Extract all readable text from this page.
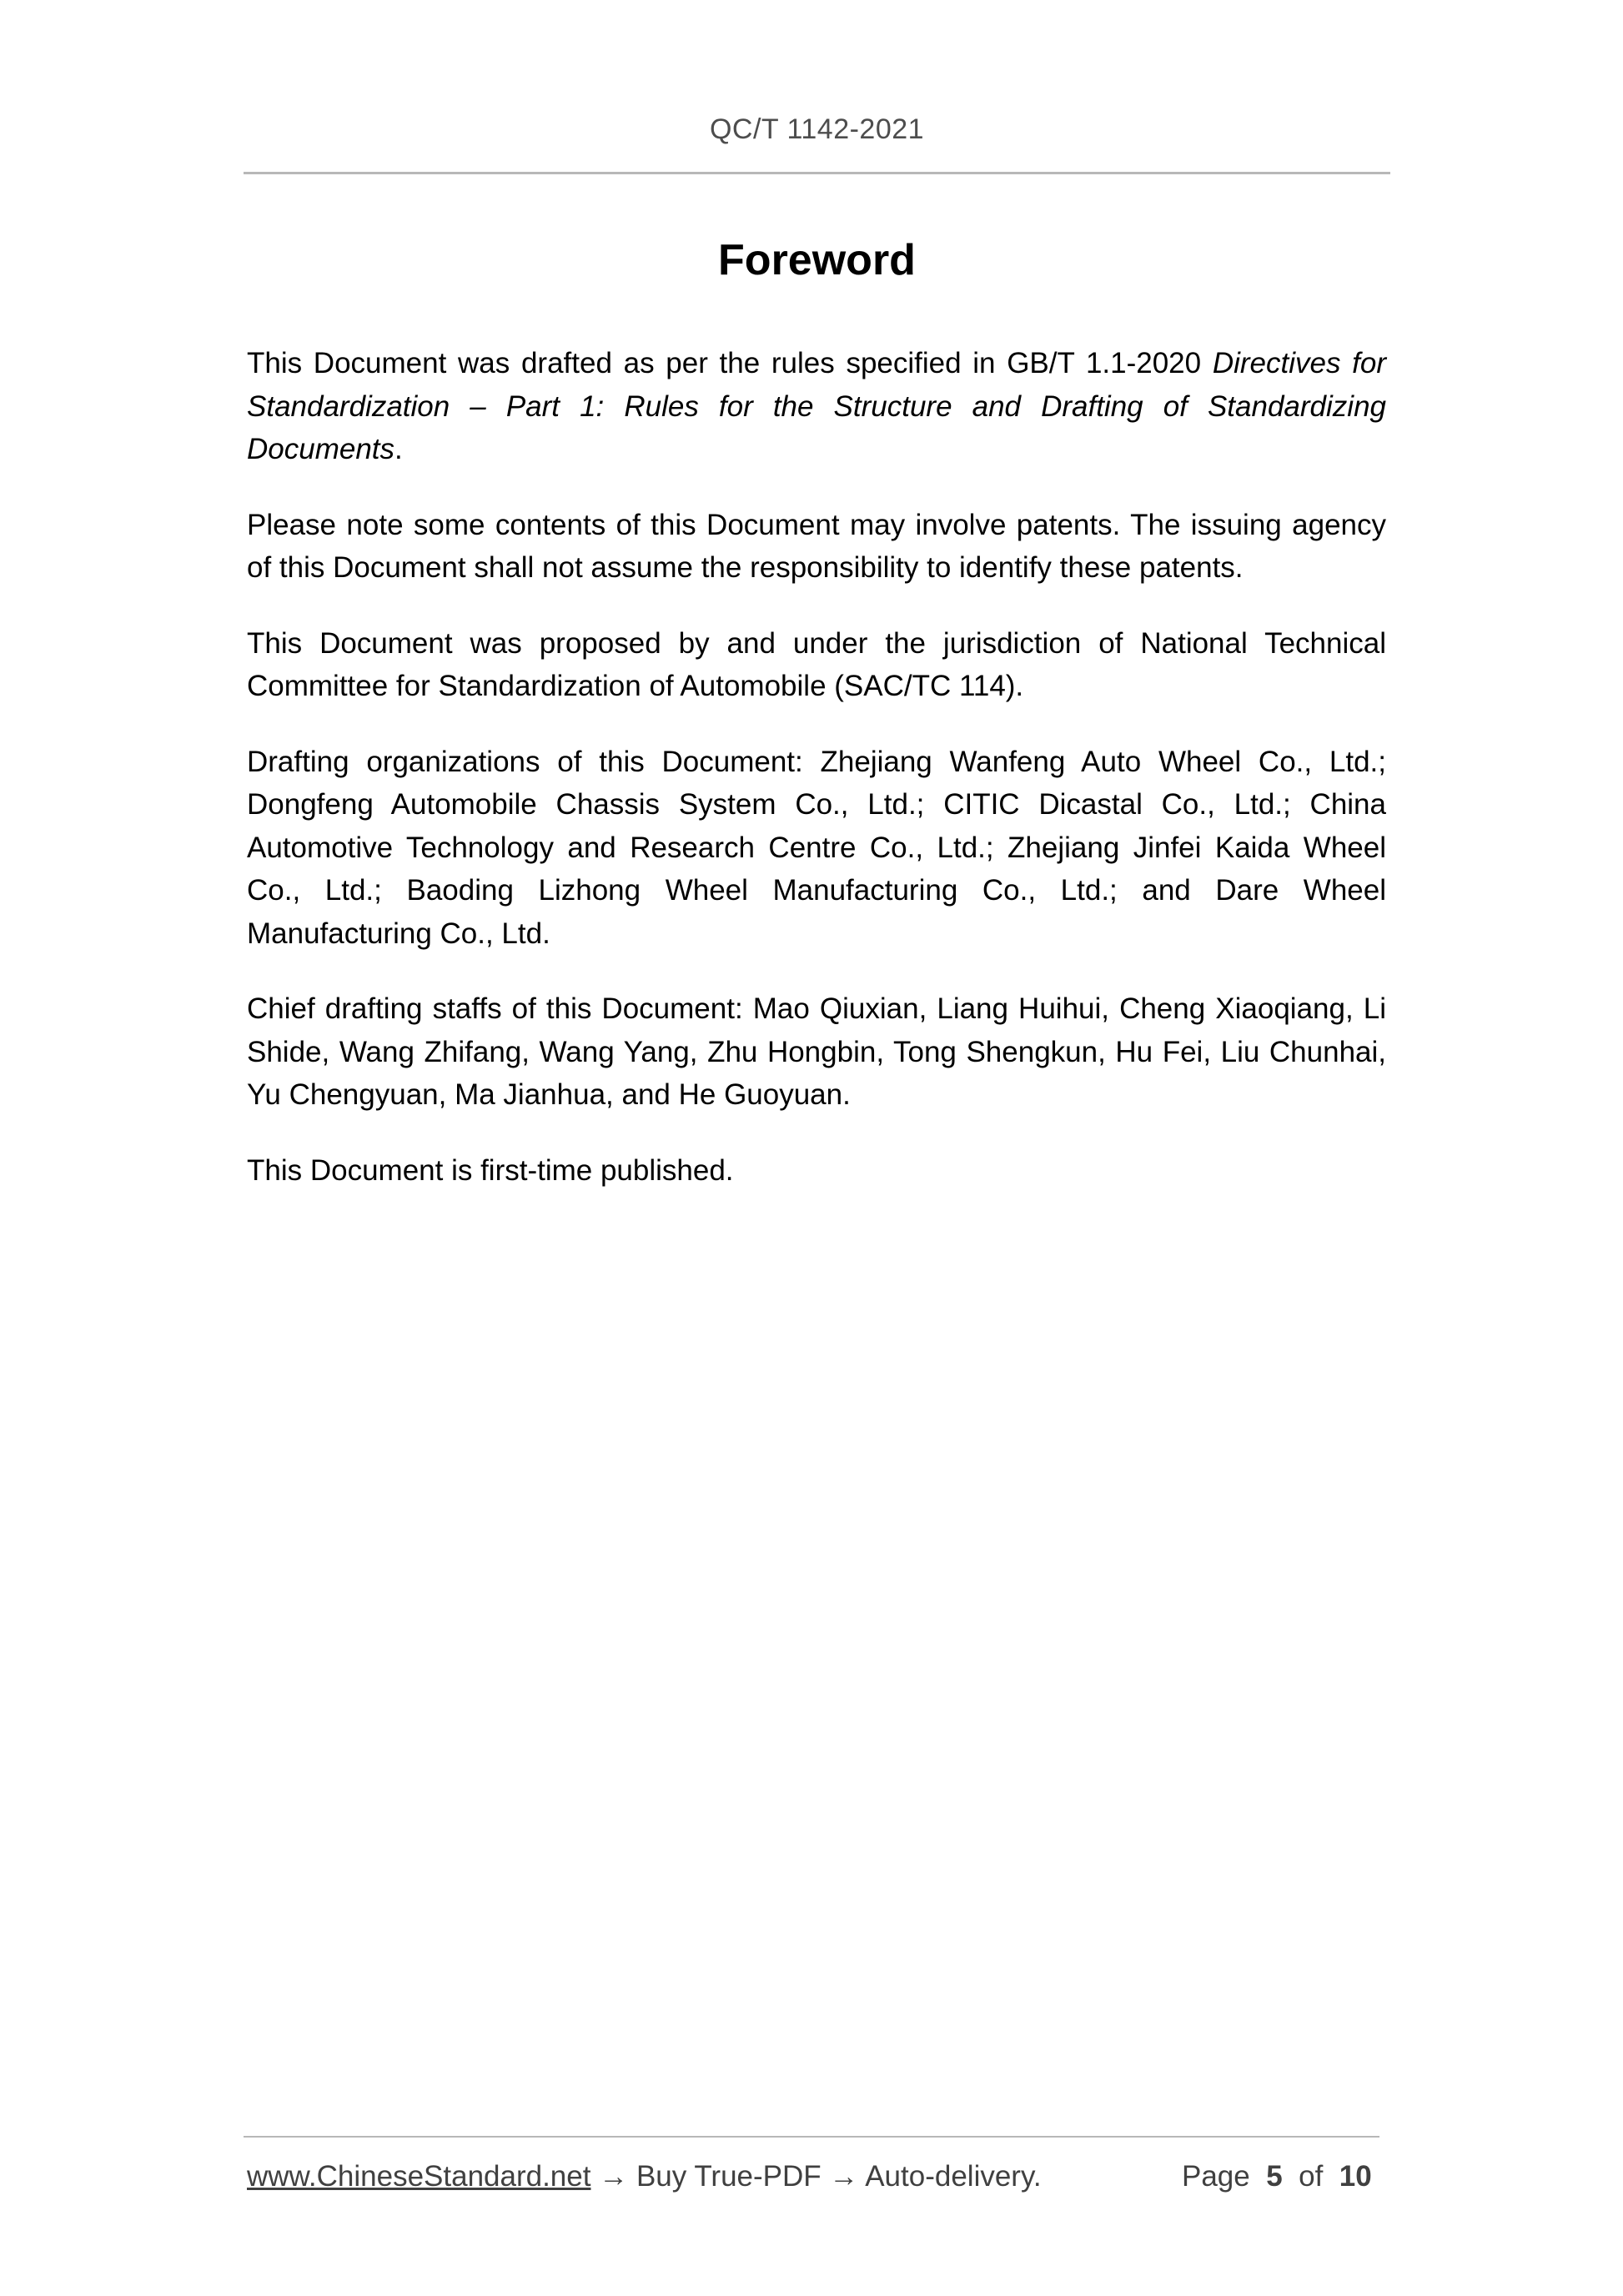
QC/T 1142-2021
Foreword

This Document was drafted as per the rules specified in GB/T 1.1-2020 Directives for Standardization – Part 1: Rules for the Structure and Drafting of Standardizing Documents.

Please note some contents of this Document may involve patents. The issuing agency of this Document shall not assume the responsibility to identify these patents.

This Document was proposed by and under the jurisdiction of National Technical Committee for Standardization of Automobile (SAC/TC 114).

Drafting organizations of this Document: Zhejiang Wanfeng Auto Wheel Co., Ltd.; Dongfeng Automobile Chassis System Co., Ltd.; CITIC Dicastal Co., Ltd.; China Automotive Technology and Research Centre Co., Ltd.; Zhejiang Jinfei Kaida Wheel Co., Ltd.; Baoding Lizhong Wheel Manufacturing Co., Ltd.; and Dare Wheel Manufacturing Co., Ltd.

Chief drafting staffs of this Document: Mao Qiuxian, Liang Huihui, Cheng Xiaoqiang, Li Shide, Wang Zhifang, Wang Yang, Zhu Hongbin, Tong Shengkun, Hu Fei, Liu Chunhai, Yu Chengyuan, Ma Jianhua, and He Guoyuan.

This Document is first-time published.

www.ChineseStandard.net → Buy True-PDF → Auto-delivery.	Page 5 of 10
